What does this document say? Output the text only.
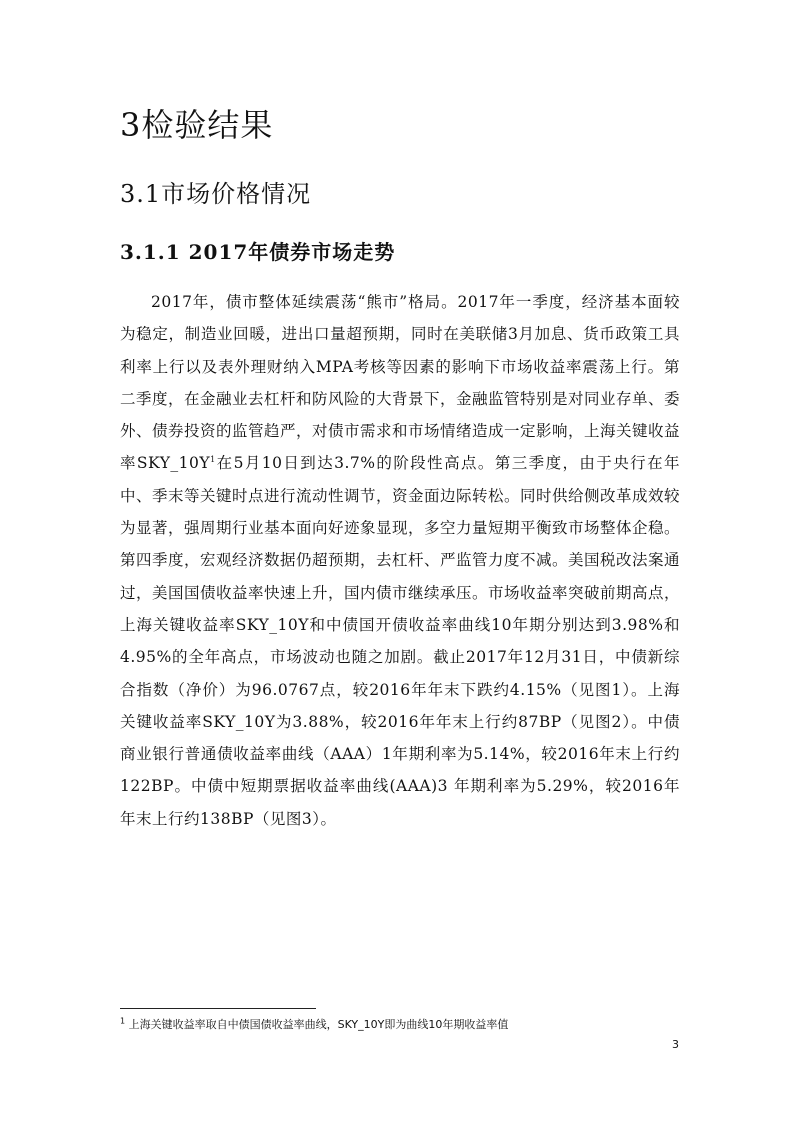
3检验结果
3.1市场价格情况
3.1.1 2017年债券市场走势

2017年，债市整体延续震荡“熊市”格局。2017年一季度，经济基本面较为稳定，制造业回暖，进出口量超预期，同时在美联储3月加息、货币政策工具利率上行以及表外理财纳入MPA考核等因素的影响下市场收益率震荡上行。第二季度，在金融业去杠杆和防风险的大背景下，金融监管特别是对同业存单、委外、债券投资的监管趋严，对债市需求和市场情绪造成一定影响，上海关键收益率$SKY\_10Y^1$在5月10日到达3.7%的阶段性高点。第三季度，由于央行在年中、季末等关键时点进行流动性调节，资金面边际转松。同时供给侧改革成效较为显著，强周期行业基本面向好迹象显现，多空力量短期平衡致市场整体企稳。第四季度，宏观经济数据仍超预期，去杠杆、严监管力度不减。美国税改法案通过，美国国债收益率快速上升，国内债市继续承压。市场收益率突破前期高点，上海关键收益率SKY_10Y和中债国开债收益率曲线10年期分别达到3.98%和4.95%的全年高点，市场波动也随之加剧。截止2017年12月31日，中债新综合指数（净价）为96.0767点，较2016年年末下跌约4.15%（见图1）。上海关键收益率SKY_10Y为3.88%，较2016年年末上行约87BP（见图2）。中债商业银行普通债收益率曲线（AAA）1年期利率为5.14%，较2016年末上行约 122BP。中债中短期票据收益率曲线(AAA)3 年期利率为5.29%，较2016年年末上行约138BP（见图3）。

$^1$ 上海关键收益率取自中债国债收益率曲线，SKY_10Y即为曲线10年期收益率值

3
